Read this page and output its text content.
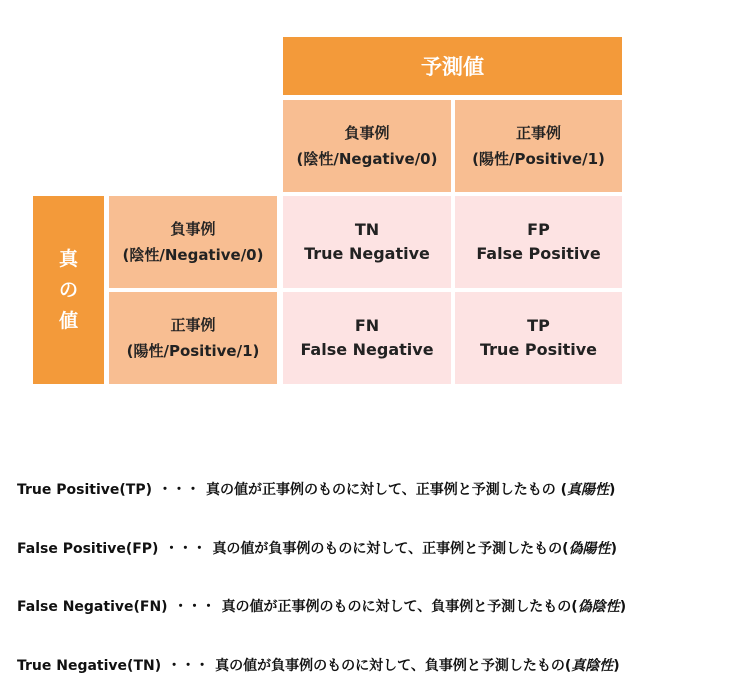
予測値
負事例
(陰性/Negative/0)
正事例
(陽性/Positive/1)
真
の
値
負事例
(陰性/Negative/0)
正事例
(陽性/Positive/1)
TN
True Negative
FP
False Positive
FN
False Negative
TP
True Positive
True Positive(TP) ・・・ 真の値が正事例のものに対して、正事例と予測したもの (真陽性)
False Positive(FP) ・・・ 真の値が負事例のものに対して、正事例と予測したもの(偽陽性)
False Negative(FN) ・・・ 真の値が正事例のものに対して、負事例と予測したもの(偽陰性)
True Negative(TN) ・・・ 真の値が負事例のものに対して、負事例と予測したもの(真陰性)
